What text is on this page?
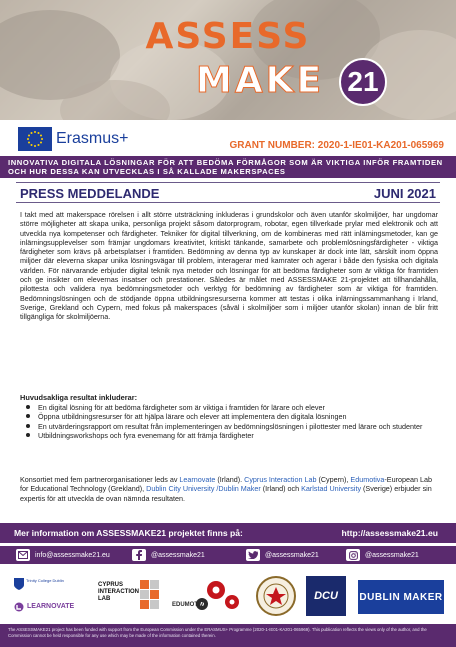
ASSESS
MAKE 21
Erasmus+	GRANT NUMBER: 2020-1-IE01-KA201-065969
INNOVATIVA DIGITALA LÖSNINGAR FÖR ATT BEDÖMA FÖRMÅGOR SOM ÄR VIKTIGA INFÖR FRAMTIDEN OCH HUR DESSA KAN UTVECKLAS I SÅ KALLADE MAKERSPACES
PRESS MEDDELANDE	JUNI 2021
I takt med att makerspace rörelsen i allt större utsträckning inkluderas i grundskolor och även utanför skolmiljöer, har ungdomar större möjligheter att skapa unika, personliga projekt såsom datorprogram, robotar, egen tillverkade prylar med elektronik och att utveckla nya kompetenser och färdigheter. Tekniker för digital tillverkning, om de kombineras med rätt inlärningsmetoder, kan ge inlärningsupplevelser som främjar ungdomars kreativitet, kritiskt tänkande, samarbete och problemlösningsfärdigheter - viktiga färdigheter som krävs på arbetsplatser i framtiden. Bedömning av denna typ av kunskaper är dock inte lätt, särskilt inom öppna miljöer där eleverna skapar unika lösningsvägar till problem, interagerar med kamrater och agerar i både den fysiska och digitala världen. För närvarande erbjuder digital teknik nya metoder och lösningar för att bedöma färdigheter som är viktiga för framtiden och ge insikter om elevernas insatser och prestationer. Således är målet med ASSESSMAKE 21-projektet att tillhandahålla, pilottesta och validera nya bedömningsmetoder och verktyg för bedömning av färdigheter som är viktiga för framtiden. Bedömningslösningen och de stödjande öppna utbildningsresurserna kommer att testas i olika inlärningssammanhang i Irland, Sverige, Grekland och Cypern, med fokus på makerspaces (såväl i skolmiljöer som i miljöer utanför skolan) innan de blir fritt tillgängliga för skolmiljöerna.
Huvudsakliga resultat inkluderar:
En digital lösning för att bedöma färdigheter som är viktiga i framtiden för lärare och elever
Öppna utbildningsresurser för att hjälpa lärare och elever att implementera den digitala lösningen
En utvärderingsrapport om resultat från implementeringen av bedömningslösningen i pilottester med lärare och studenter
Utbildningsworkshops och fyra evenemang för att främja färdigheter
Konsortiet med fem partnerorganisationer leds av Learnovate (Irland). Cyprus Interaction Lab (Cypern), Edumotiva-European Lab for Educational Technology (Grekland), Dublin City University /Dublin Maker (Irland) och Karlstad University (Sverige) erbjuder sin expertis för att utveckla de ovan nämnda resultaten.
Mer information om ASSESSMAKE21 projektet finns på:	http://assessmake21.eu
info@assessmake21.eu	@assessmake21	@assessmake21	@assessmake21
Trinity College Dublin
LEARNOVATE
CYPRUS INTERACTION LAB
EDUMOTIVA
DCU DUBLIN MAKER
The ASSESSMAKE21 project has been funded with support from the European Commission under the ERASMUS+ Programme (2020-1-IE01-KA201-065969). This publication reflects the views only of the author, and the Commission cannot be held responsible for any use which may be made of the information contained therein.
